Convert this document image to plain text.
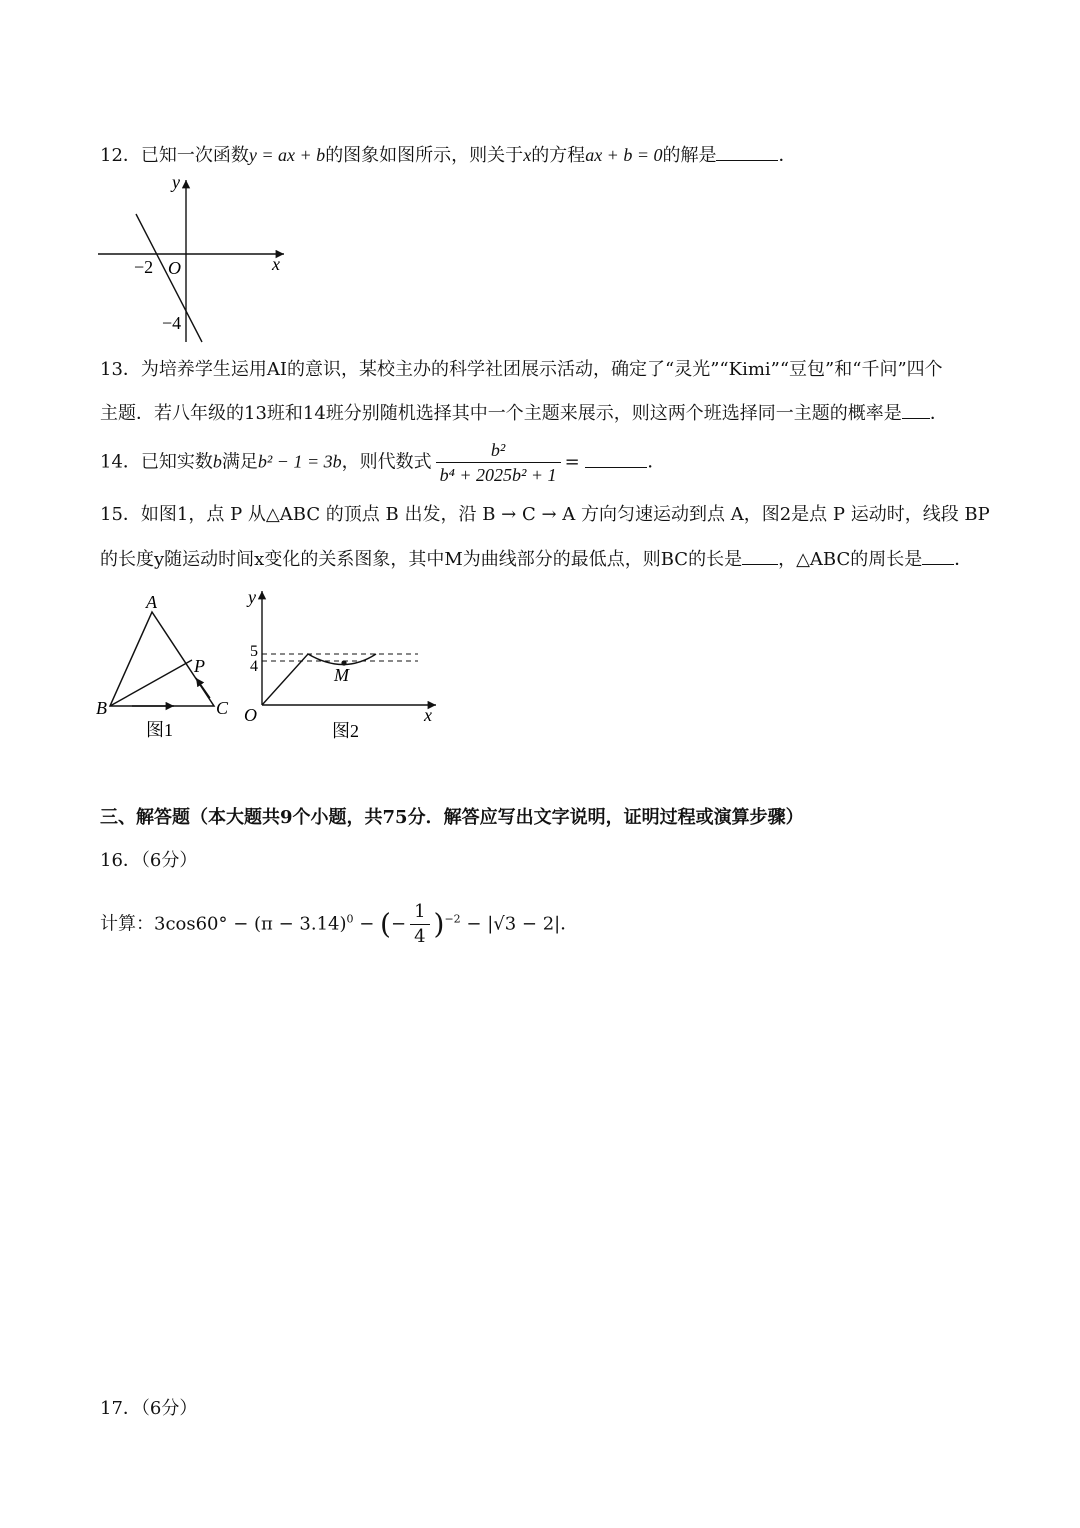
12．已知一次函数y = ax + b的图象如图所示，则关于x的方程ax + b = 0的解是	．
y
x
O
−2
−4
13．为培养学生运用AI的意识，某校主办的科学社团展示活动，确定了“灵光”“Kimi”“豆包”和“千问”四个
主题．若八年级的13班和14班分别随机选择其中一个主题来展示，则这两个班选择同一主题的概率是 ．
14．已知实数b满足b² − 1 = 3b，则代数式 $\frac{\text{b²}}{\text{b⁴ + 2025b² + 1}}$ =	．
15．如图1，点 P 从△ABC 的顶点 B 出发，沿 B → C → A 方向匀速运动到点 A，图2是点 P 运动时，线段 BP
的长度y随运动时间x变化的关系图象，其中M为曲线部分的最低点，则BC的长是 ，△ABC的周长是 ．
A
B	C
P
图1
y
x
O
5
4	M
图2
三、解答题（本大题共9个小题，共75分．解答应写出文字说明，证明过程或演算步骤）
16．（6分）
计算：$3\cos 60^\circ - (\pi - 3.14)^0$ − (− $\frac{1}{4} )^{-2} - |√3 - 2|$．
17．（6分）
